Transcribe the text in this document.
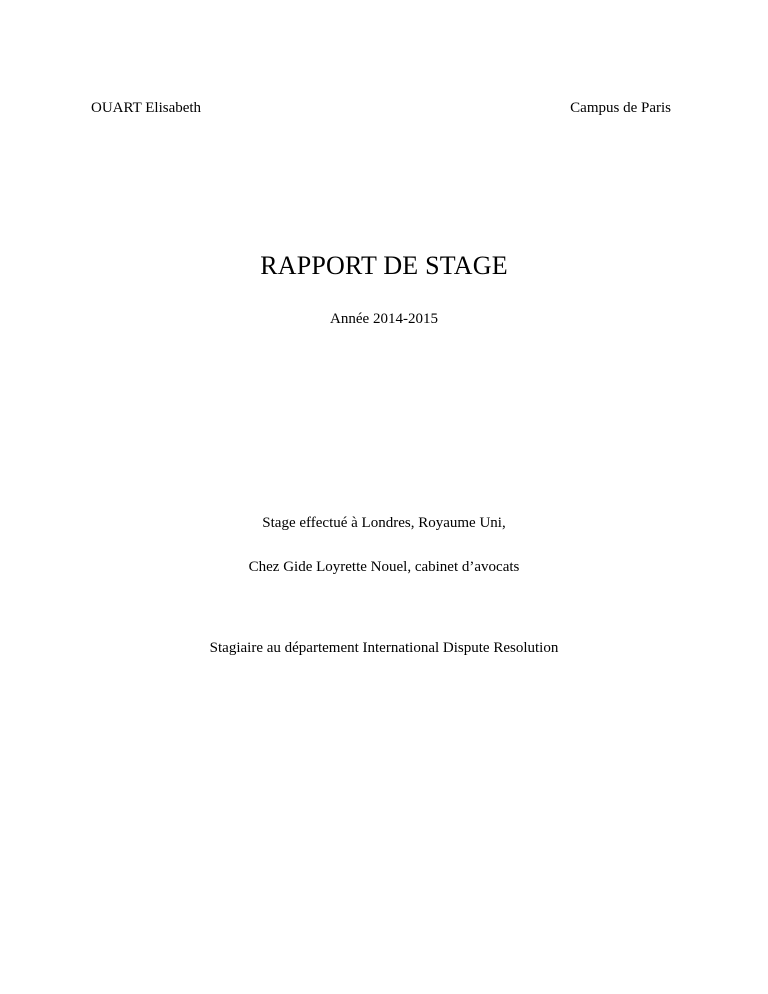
OUART Elisabeth	Campus de Paris
RAPPORT DE STAGE
Année 2014-2015
Stage effectué à Londres, Royaume Uni,
Chez Gide Loyrette Nouel, cabinet d’avocats
Stagiaire au département International Dispute Resolution
